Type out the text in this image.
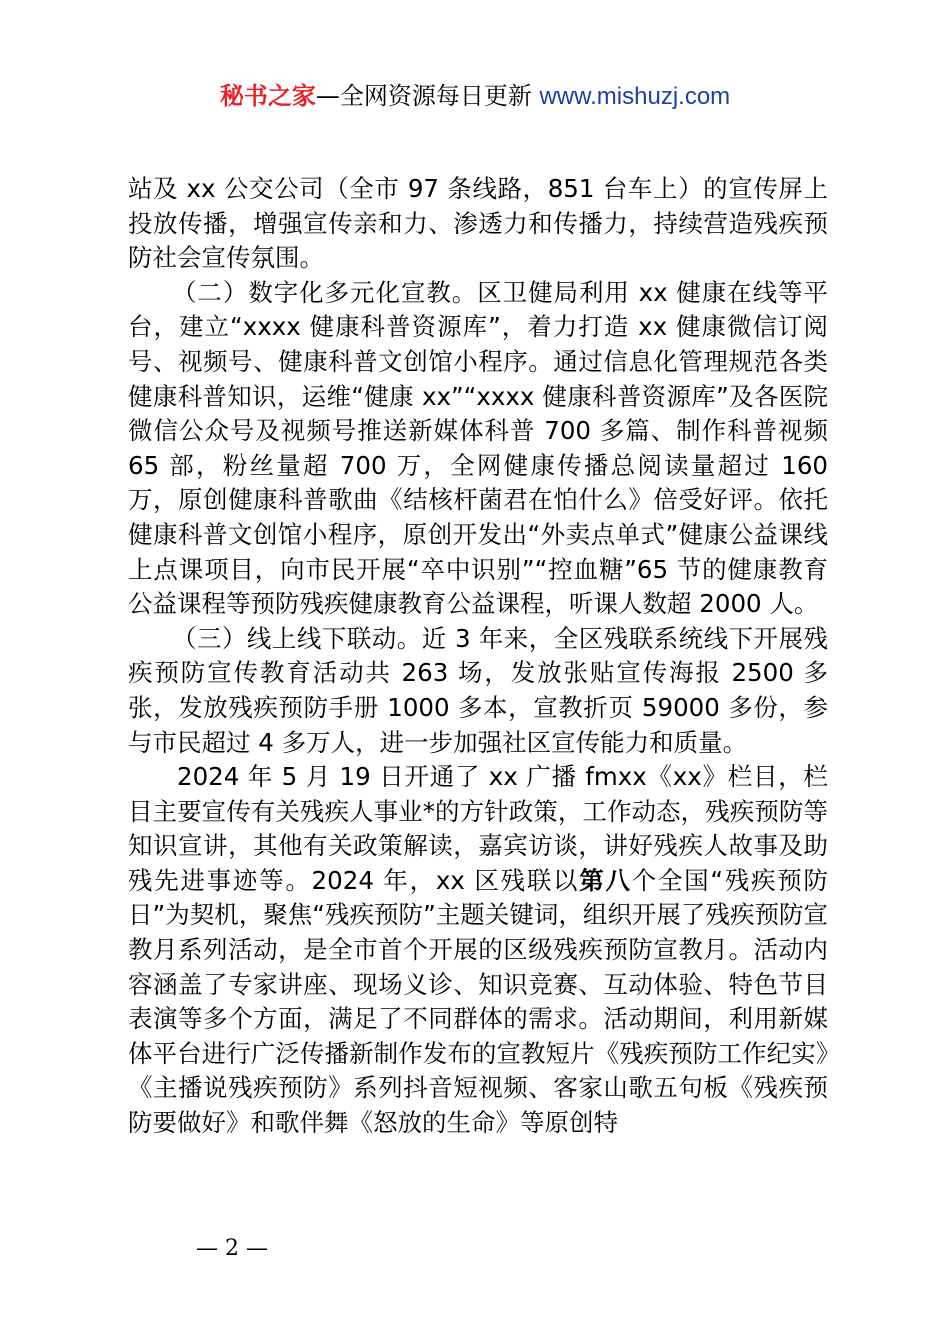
秘书之家—全网资源每日更新 www.mishuzj.com

站及 xx 公交公司（全市 97 条线路，851 台车上）的宣传屏上投放传播，增强宣传亲和力、渗透力和传播力，持续营造残疾预防社会宣传氛围。

（二）数字化多元化宣教。区卫健局利用 xx 健康在线等平台，建立“xxxx 健康科普资源库”，着力打造 xx 健康微信订阅号、视频号、健康科普文创馆小程序。通过信息化管理规范各类健康科普知识，运维“健康 xx”“xxxx 健康科普资源库”及各医院微信公众号及视频号推送新媒体科普 700 多篇、制作科普视频 65 部，粉丝量超 700 万，全网健康传播总阅读量超过 160 万，原创健康科普歌曲《结核杆菌君在怕什么》倍受好评。依托健康科普文创馆小程序，原创开发出“外卖点单式”健康公益课线上点课项目，向市民开展“卒中识别”“控血糖”65 节的健康教育公益课程等预防残疾健康教育公益课程，听课人数超 2000 人。

（三）线上线下联动。近 3 年来，全区残联系统线下开展残疾预防宣传教育活动共 263 场，发放张贴宣传海报 2500 多张，发放残疾预防手册 1000 多本，宣教折页 59000 多份，参与市民超过 4 多万人，进一步加强社区宣传能力和质量。

2024 年 5 月 19 日开通了 xx 广播 fmxx《xx》栏目，栏目主要宣传有关残疾人事业*的方针政策，工作动态，残疾预防等知识宣讲，其他有关政策解读，嘉宾访谈，讲好残疾人故事及助残先进事迹等。2024 年，xx 区残联以第八个全国“残疾预防日”为契机，聚焦“残疾预防”主题关键词，组织开展了残疾预防宣教月系列活动，是全市首个开展的区级残疾预防宣教月。活动内容涵盖了专家讲座、现场义诊、知识竞赛、互动体验、特色节目表演等多个方面，满足了不同群体的需求。活动期间，利用新媒体平台进行广泛传播新制作发布的宣教短片《残疾预防工作纪实》《主播说残疾预防》系列抖音短视频、客家山歌五句板《残疾预防要做好》和歌伴舞《怒放的生命》等原创特

— 2 —
